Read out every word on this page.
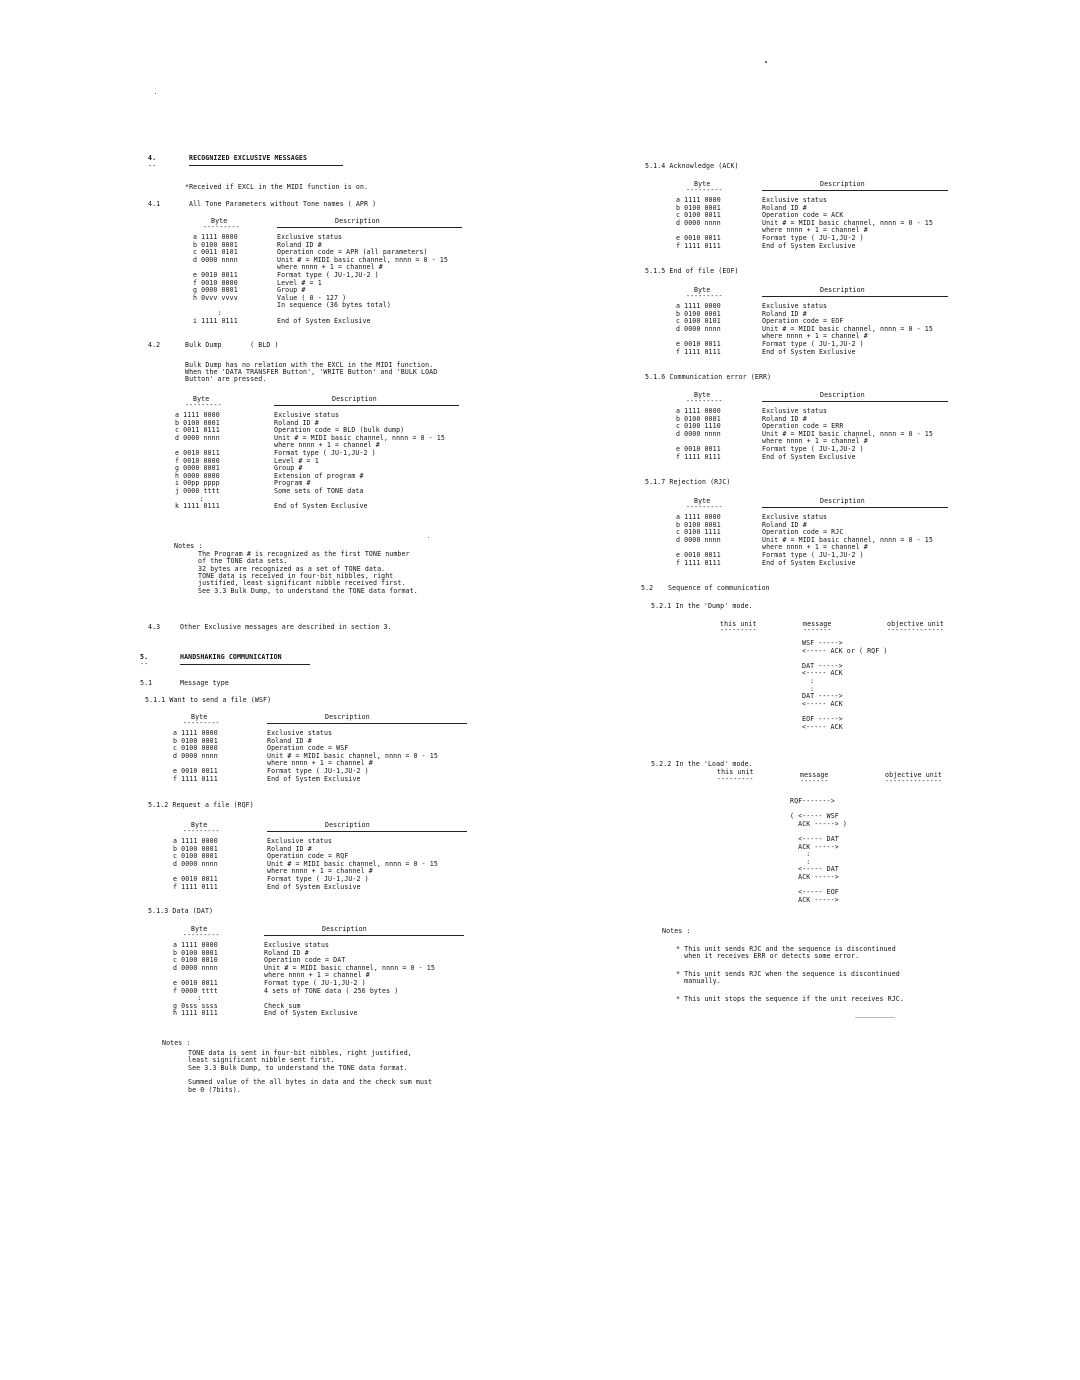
4.
--
RECOGNIZED EXCLUSIVE MESSAGES
*Received if EXCL in the MIDI function is on.
4.1	All Tone Parameters without Tone names ( APR )
Byte
---------
Description
a 1111 0000	Exclusive status
b 0100 0001	Roland ID #
c 0011 0101	Operation code = APR (all parameters)
d 0000 nnnn	Unit # = MIDI basic channel, nnnn = 0 - 15
where nnnn + 1 = channel #
e 0010 0011	Format type ( JU-1,JU-2 )
f 0010 0000	Level # = 1
g 0000 0001	Group #
h 0vvv vvvv	Value ( 0 - 127 )
In sequence (36 bytes total)
:
i 1111 0111	End of System Exclusive
4.2	Bulk Dump       ( BLD )
Bulk Dump has no relation with the EXCL in the MIDI function.
When the 'DATA TRANSFER Button', 'WRITE Button' and 'BULK LOAD
Button' are pressed.
Byte
---------
Description
a 1111 0000	Exclusive status
b 0100 0001	Roland ID #
c 0011 0111	Operation code = BLD (bulk dump)
d 0000 nnnn	Unit # = MIDI basic channel, nnnn = 0 - 15
where nnnn + 1 = channel #
e 0010 0011	Format type ( JU-1,JU-2 )
f 0010 0000	Level # = 1
g 0000 0001	Group #
h 0000 0000	Extension of program #
i 00pp pppp	Program #
j 0000 tttt	Some sets of TONE data
:
k 1111 0111	End of System Exclusive
Notes :
The Program # is recognized as the first TONE number
of the TONE data sets.
32 bytes are recognized as a set of TONE data.
TONE data is received in four-bit nibbles, right
justified, least significant nibble received first.
See 3.3 Bulk Dump, to understand the TONE data format.
4.3	Other Exclusive messages are described in section 3.
5.
--
HANDSHAKING COMMUNICATION
5.1	Message type
5.1.1 Want to send a file (WSF)
Byte
---------
Description
a 1111 0000	Exclusive status
b 0100 0001	Roland ID #
c 0100 0000	Operation code = WSF
d 0000 nnnn	Unit # = MIDI basic channel, nnnn = 0 - 15
where nnnn + 1 = channel #
e 0010 0011	Format type ( JU-1,JU-2 )
f 1111 0111	End of System Exclusive
5.1.2 Request a file (RQF)
Byte
---------
Description
a 1111 0000	Exclusive status
b 0100 0001	Roland ID #
c 0100 0001	Operation code = RQF
d 0000 nnnn	Unit # = MIDI basic channel, nnnn = 0 - 15
where nnnn + 1 = channel #
e 0010 0011	Format type ( JU-1,JU-2 )
f 1111 0111	End of System Exclusive
5.1.3 Data (DAT)
Byte
---------
Description
a 1111 0000	Exclusive status
b 0100 0001	Roland ID #
c 0100 0010	Operation code = DAT
d 0000 nnnn	Unit # = MIDI basic channel, nnnn = 0 - 15
where nnnn + 1 = channel #
e 0010 0011	Format type ( JU-1,JU-2 )
f 0000 tttt	4 sets of TONE data ( 256 bytes )
:
g 0sss ssss	Check sum
h 1111 0111	End of System Exclusive
Notes :
TONE data is sent in four-bit nibbles, right justified,
least significant nibble sent first.
See 3.3 Bulk Dump, to understand the TONE data format.
Summed value of the all bytes in data and the check sum must
be 0 (7bits).
5.1.4 Acknowledge (ACK)
Byte
---------
Description
a 1111 0000	Exclusive status
b 0100 0001	Roland ID #
c 0100 0011	Operation code = ACK
d 0000 nnnn	Unit # = MIDI basic channel, nnnn = 0 - 15
where nnnn + 1 = channel #
e 0010 0011	Format type ( JU-1,JU-2 )
f 1111 0111	End of System Exclusive
5.1.5 End of file (EOF)
Byte
---------
Description
a 1111 0000	Exclusive status
b 0100 0001	Roland ID #
c 0100 0101	Operation code = EOF
d 0000 nnnn	Unit # = MIDI basic channel, nnnn = 0 - 15
where nnnn + 1 = channel #
e 0010 0011	Format type ( JU-1,JU-2 )
f 1111 0111	End of System Exclusive
5.1.6 Communication error (ERR)
Byte
---------
Description
a 1111 0000	Exclusive status
b 0100 0001	Roland ID #
c 0100 1110	Operation code = ERR
d 0000 nnnn	Unit # = MIDI basic channel, nnnn = 0 - 15
where nnnn + 1 = channel #
e 0010 0011	Format type ( JU-1,JU-2 )
f 1111 0111	End of System Exclusive
5.1.7 Rejection (RJC)
Byte
---------
Description
a 1111 0000	Exclusive status
b 0100 0001	Roland ID #
c 0100 1111	Operation code = RJC
d 0000 nnnn	Unit # = MIDI basic channel, nnnn = 0 - 15
where nnnn + 1 = channel #
e 0010 0011	Format type ( JU-1,JU-2 )
f 1111 0111	End of System Exclusive
5.2 Sequence of communication
5.2.1 In the 'Dump' mode.
this unit
---------
message
-------
objective unit
--------------
WSF ----->
<----- ACK or ( RQF )
DAT ----->
<----- ACK
:
:
DAT ----->
<----- ACK
EOF ----->
<----- ACK
5.2.2 In the 'Load' mode.
this unit
---------	message
-------
objective unit
--------------
RQF------->
( <----- WSF
ACK -----> )
<----- DAT
ACK ----->
:
:
<----- DAT
ACK ----->
<----- EOF
ACK ----->
Notes :
* This unit sends RJC and the sequence is discontinued
when it receives ERR or detects some error.
* This unit sends RJC when the sequence is discontinued
manually.
* This unit stops the sequence if the unit receives RJC.
